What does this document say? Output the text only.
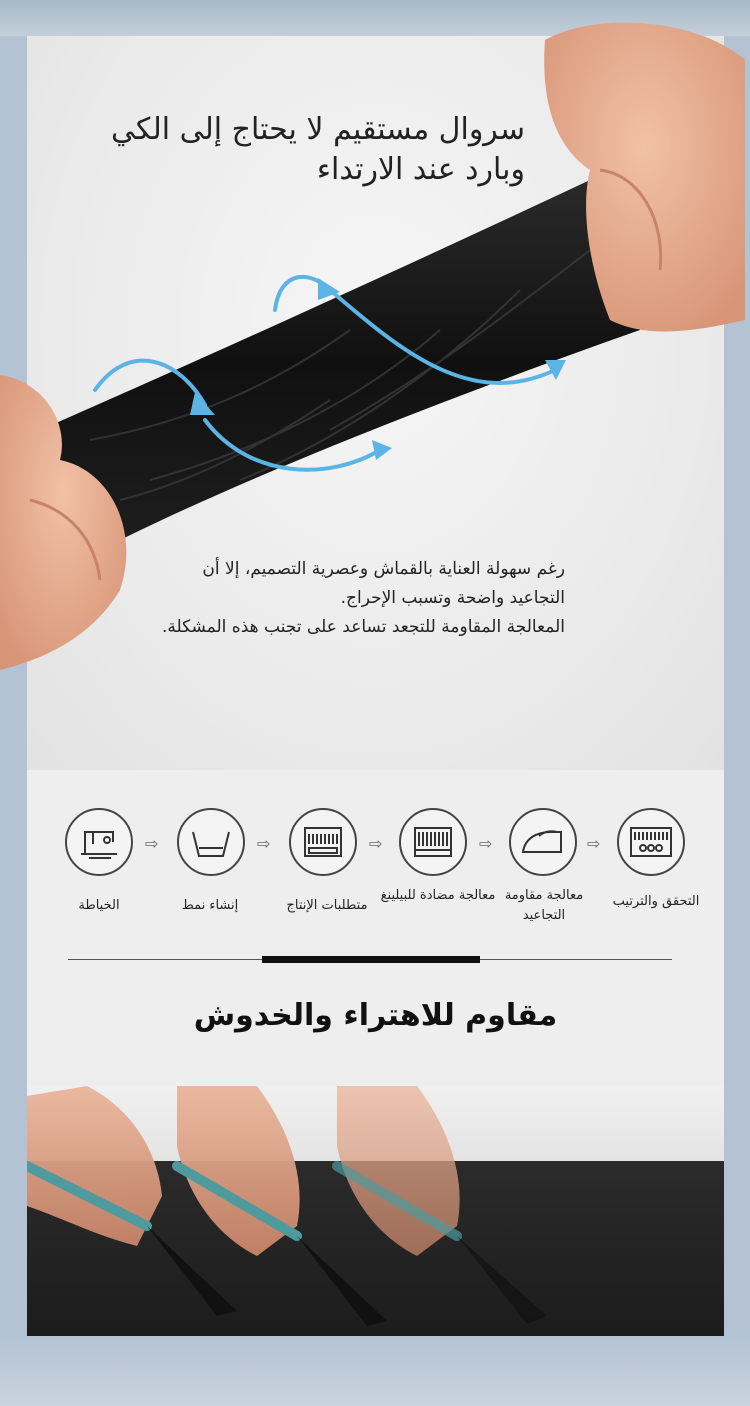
سروال مستقيم لا يحتاج إلى الكي وبارد عند الارتداء

رغم سهولة العناية بالقماش وعصرية التصميم، إلا أن التجاعيد واضحة وتسبب الإحراج.
المعالجة المقاومة للتجعد تساعد على تجنب هذه المشكلة.

⇨	⇨	⇨	⇨	⇨
الخياطة	إنشاء نمط	متطلبات الإنتاج
معالجة مضادة للبيلينغ معالجة مقاومة التجاعيد
التحقق والترتيب
مقاوم للاهتراء والخدوش
